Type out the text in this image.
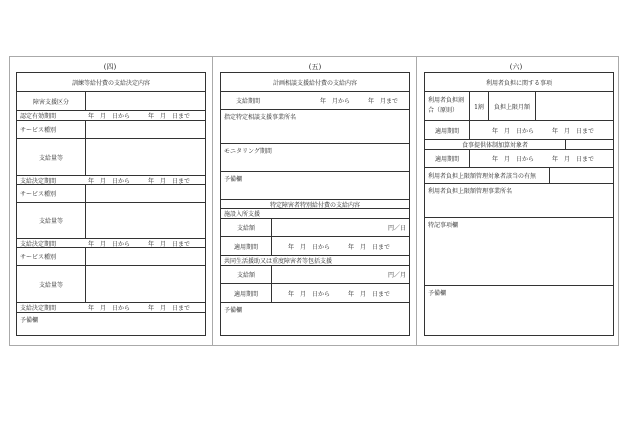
(四)	(五)	(六)
訓練等給付費の支給決定内容
障害支援区分
認定有効期間	年　月　日から　　　年　月　日まで
サービス種別
支給量等
支給決定期間	年　月　日から　　　年　月　日まで
サービス種別
支給量等
支給決定期間	年　月　日から　　　年　月　日まで
サービス種別
支給量等
支給決定期間	年　月　日から　　　年　月　日まで
予備欄
計画相談支援給付費の支給内容
支給期間	年　月から　　　年　月まで
指定特定相談支援事業所名
モニタリング期間
予備欄
特定障害者特別給付費の支給内容
施設入所支援
支給額	円／日
適用期間	年　月　日から　　　年　月　日まで
共同生活援助又は重度障害者等包括支援
支給額	円／月
適用期間	年　月　日から　　　年　月　日まで
予備欄
利用者負担に関する事項
利用者負担割合（原則）	1割	負担上限月額
適用期間	年　月　日から　　　年　月　日まで
食事提供体制加算対象者
適用期間	年　月　日から　　　年　月　日まで
利用者負担上限額管理対象者該当の有無
利用者負担上限額管理事業所名
特記事項欄
予備欄
